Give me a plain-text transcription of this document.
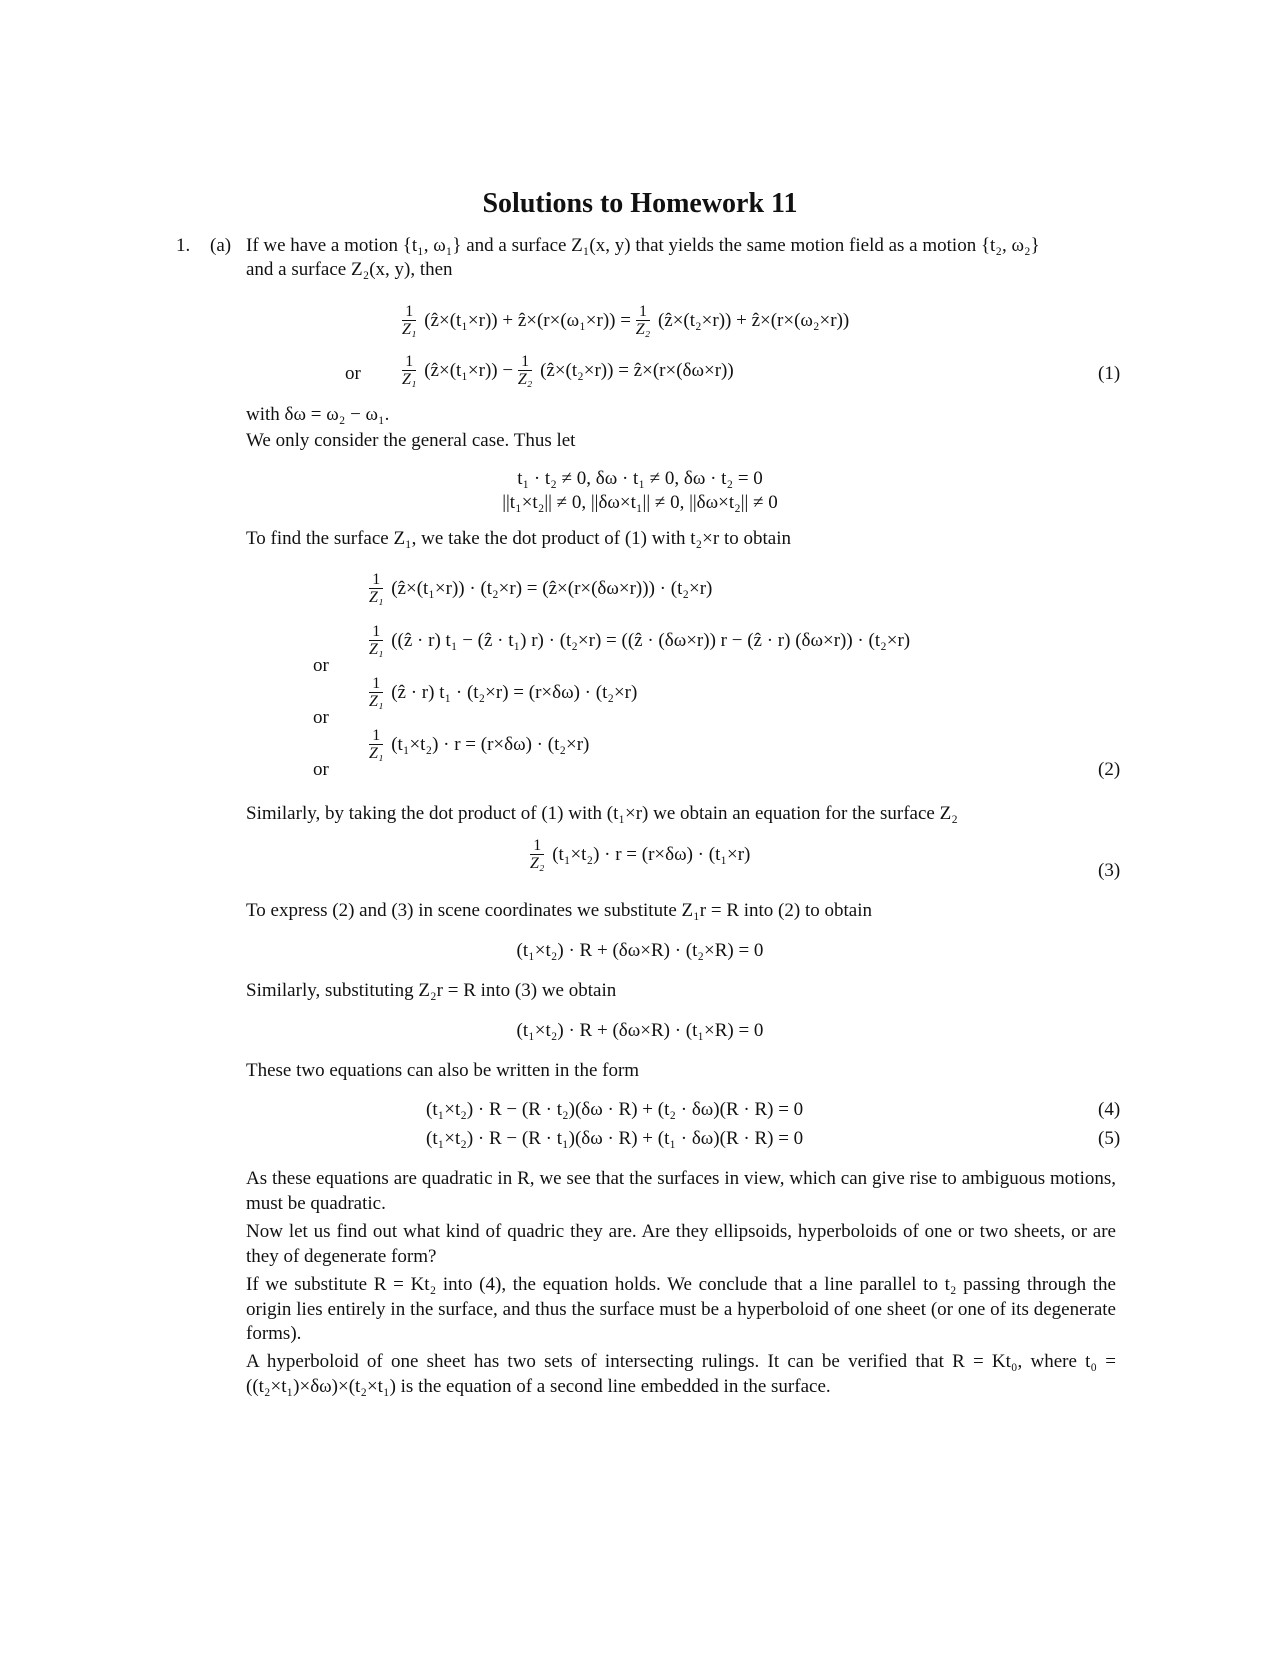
Solutions to Homework 11
1. (a) If we have a motion {t₁, ω₁} and a surface Z₁(x, y) that yields the same motion field as a motion {t₂, ω₂}
and a surface Z₂(x, y), then
$\frac{1}{\text{Z₁}}$ (ẑ×(t₁×r)) + ẑ×(r×(ω₁×r)) = $\frac{1}{\text{Z₂}}$ (ẑ×(t₂×r)) + ẑ×(r×(ω₂×r))
or	$\frac{1}{\text{Z₁}}$ (ẑ×(t₁×r)) − $\frac{1}{\text{Z₂}}$ (ẑ×(t₂×r)) = ẑ×(r×(δω×r))	(1)
with δω = ω₂ − ω₁.
We only consider the general case. Thus let
t₁ · t₂ ≠ 0, δω · t₁ ≠ 0, δω · t₂ = 0
||t₁×t₂|| ≠ 0, ||δω×t₁|| ≠ 0, ||δω×t₂|| ≠ 0
To find the surface Z₁, we take the dot product of (1) with t₂×r to obtain
$\frac{1}{\text{Z₁}}$ (ẑ×(t₁×r)) · (t₂×r) = (ẑ×(r×(δω×r))) · (t₂×r)
or
$\frac{1}{\text{Z₁}}$ ((ẑ · r) t₁ − (ẑ · t₁) r) · (t₂×r) = ((ẑ · (δω×r)) r − (ẑ · r) (δω×r)) · (t₂×r)
or
$\frac{1}{\text{Z₁}}$ (ẑ · r) t₁ · (t₂×r) = (r×δω) · (t₂×r)
or
$\frac{1}{\text{Z₁}} (t_1\times t_2) \cdot r = (r\times\delta\omega) \cdot (t_2\times r)$
(2)
Similarly, by taking the dot product of (1) with (t₁×r) we obtain an equation for the surface Z₂
$\frac{1}{\text{Z₂}} (t_1\times t_2) \cdot r = (r\times\delta\omega) \cdot (t_1\times r)$
(3)
To express (2) and (3) in scene coordinates we substitute Z₁r = R into (2) to obtain
(t₁×t₂) · R + (δω×R) · (t₂×R) = 0
Similarly, substituting Z₂r = R into (3) we obtain
(t₁×t₂) · R + (δω×R) · (t₁×R) = 0
These two equations can also be written in the form
(t₁×t₂) · R − (R · t₂)(δω · R) + (t₂ · δω)(R · R) = 0	(4)
(t₁×t₂) · R − (R · t₁)(δω · R) + (t₁ · δω)(R · R) = 0	(5)
As these equations are quadratic in R, we see that the surfaces in view, which can give rise to ambiguous motions, must be quadratic.
Now let us find out what kind of quadric they are. Are they ellipsoids, hyperboloids of one or two sheets, or are they of degenerate form?
If we substitute R = Kt₂ into (4), the equation holds. We conclude that a line parallel to t₂ passing through the origin lies entirely in the surface, and thus the surface must be a hyperboloid of one sheet (or one of its degenerate forms).
A hyperboloid of one sheet has two sets of intersecting rulings. It can be verified that R = Kt₀, where t₀ = ((t₂×t₁)×δω)×(t₂×t₁) is the equation of a second line embedded in the surface.
